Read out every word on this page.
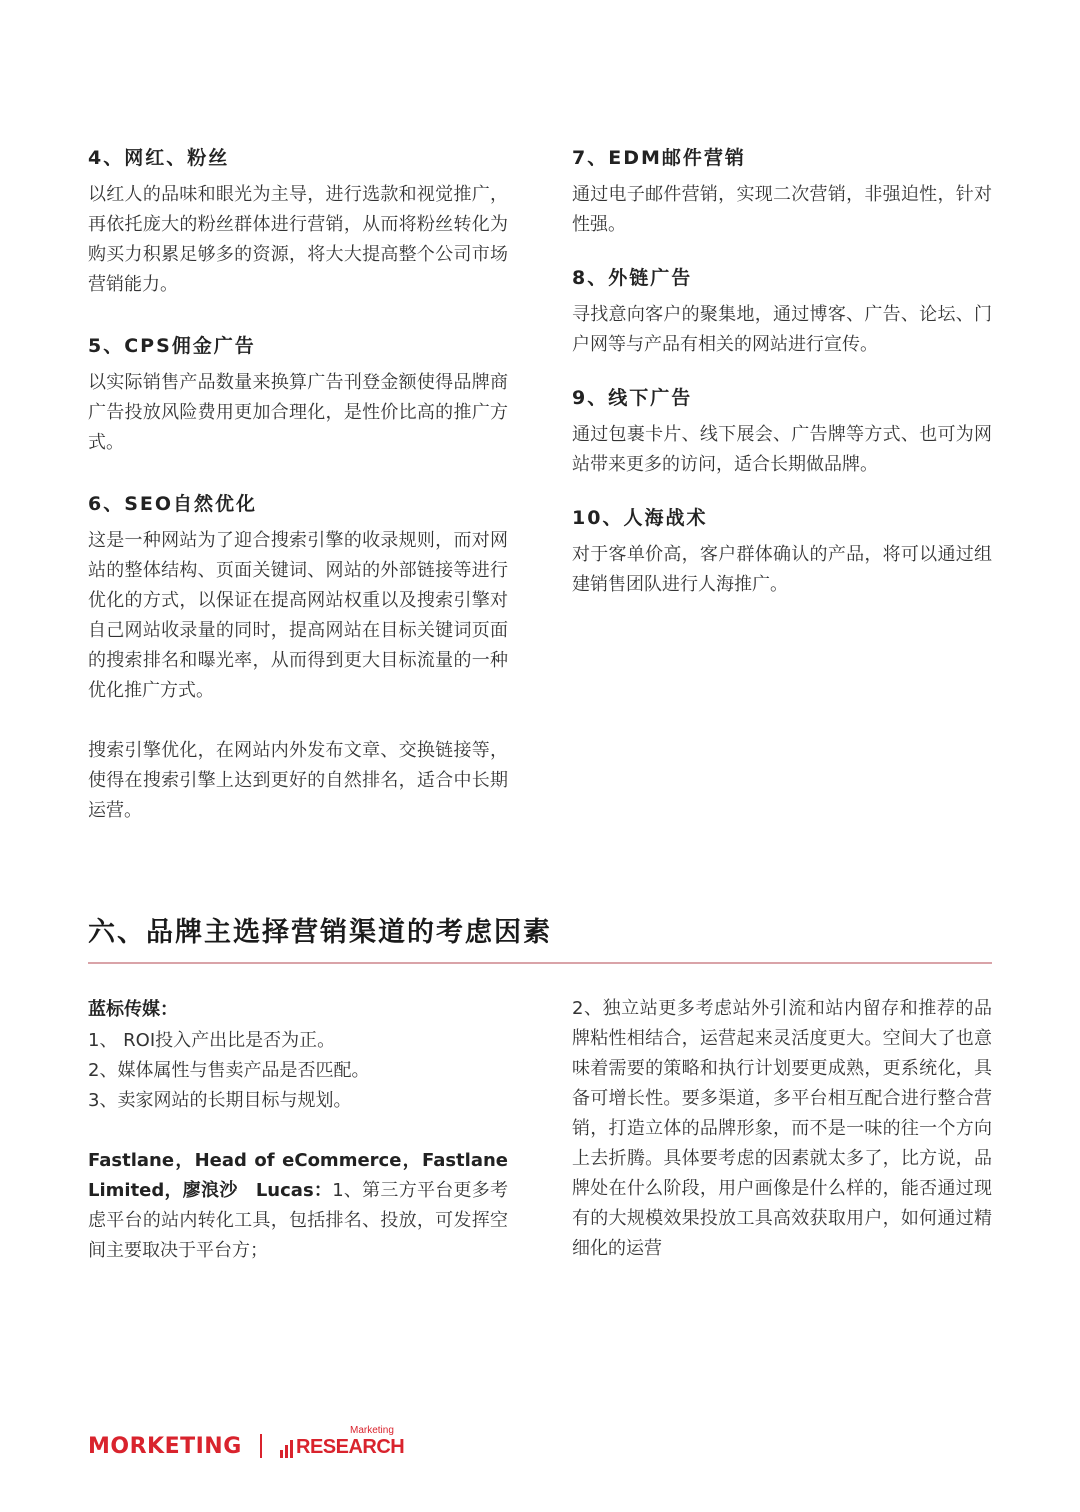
4、网红、粉丝

以红人的品味和眼光为主导，进行选款和视觉推广，再依托庞大的粉丝群体进行营销，从而将粉丝转化为购买力积累足够多的资源，将大大提高整个公司市场营销能力。

5、CPS佣金广告

以实际销售产品数量来换算广告刊登金额使得品牌商广告投放风险费用更加合理化，是性价比高的推广方式。

6、SEO自然优化

这是一种网站为了迎合搜索引擎的收录规则，而对网站的整体结构、页面关键词、网站的外部链接等进行优化的方式，以保证在提高网站权重以及搜索引擎对自己网站收录量的同时，提高网站在目标关键词页面的搜索排名和曝光率，从而得到更大目标流量的一种优化推广方式。

搜索引擎优化，在网站内外发布文章、交换链接等，使得在搜索引擎上达到更好的自然排名，适合中长期运营。

7、EDM邮件营销

通过电子邮件营销，实现二次营销，非强迫性，针对性强。

8、外链广告

寻找意向客户的聚集地，通过博客、广告、论坛、门户网等与产品有相关的网站进行宣传。

9、线下广告

通过包裹卡片、线下展会、广告牌等方式、也可为网站带来更多的访问，适合长期做品牌。

10、人海战术

对于客单价高，客户群体确认的产品，将可以通过组建销售团队进行人海推广。

六、品牌主选择营销渠道的考虑因素

蓝标传媒：

1、 ROI投入产出比是否为正。

2、媒体属性与售卖产品是否匹配。

3、卖家网站的长期目标与规划。

Fastlane，Head of eCommerce，Fastlane Limited，廖浪沙　Lucas：1、第三方平台更多考虑平台的站内转化工具，包括排名、投放，可发挥空间主要取决于平台方；

2、独立站更多考虑站外引流和站内留存和推荐的品牌粘性相结合，运营起来灵活度更大。空间大了也意味着需要的策略和执行计划要更成熟，更系统化，具备可增长性。要多渠道，多平台相互配合进行整合营销，打造立体的品牌形象，而不是一味的往一个方向上去折腾。具体要考虑的因素就太多了，比方说，品牌处在什么阶段，用户画像是什么样的，能否通过现有的大规模效果投放工具高效获取用户，如何通过精细化的运营

MORKETING	RESEARCH
Marketing
